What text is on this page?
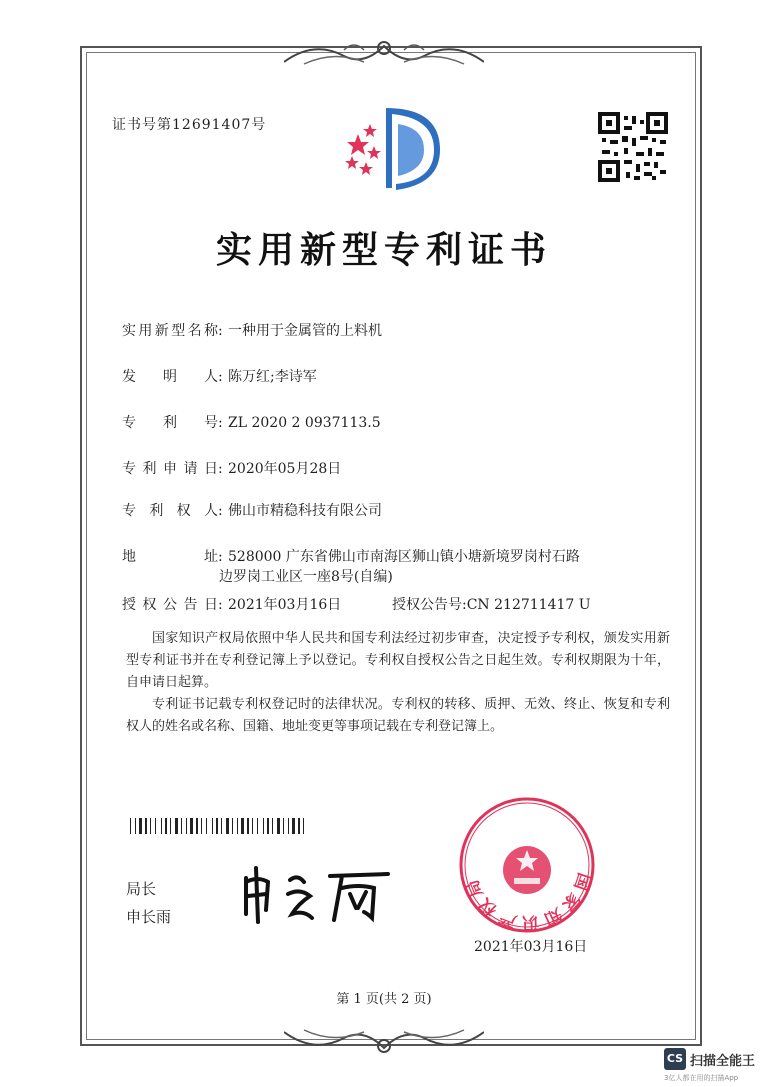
证书号第12691407号
实用新型专利证书
实用新型名称: 一种用于金属管的上料机
发明人: 陈万红;李诗军
专利号: ZL 2020 2 0937113.5
专利申请日: 2020年05月28日
专利权人: 佛山市精稳科技有限公司
地址: 528000 广东省佛山市南海区狮山镇小塘新境罗岗村石路
边罗岗工业区一座8号(自编)
授权公告日: 2021年03月16日	授权公告号:CN 212711417 U
国家知识产权局依照中华人民共和国专利法经过初步审查，决定授予专利权，颁发实用新型专利证书并在专利登记簿上予以登记。专利权自授权公告之日起生效。专利权期限为十年，自申请日起算。
专利证书记载专利权登记时的法律状况。专利权的转移、质押、无效、终止、恢复和专利权人的姓名或名称、国籍、地址变更等事项记载在专利登记簿上。
局长
申长雨
国家知识产权局
2021年03月16日
第 1 页(共 2 页)
CS 扫描全能王
3亿人都在用的扫描App
